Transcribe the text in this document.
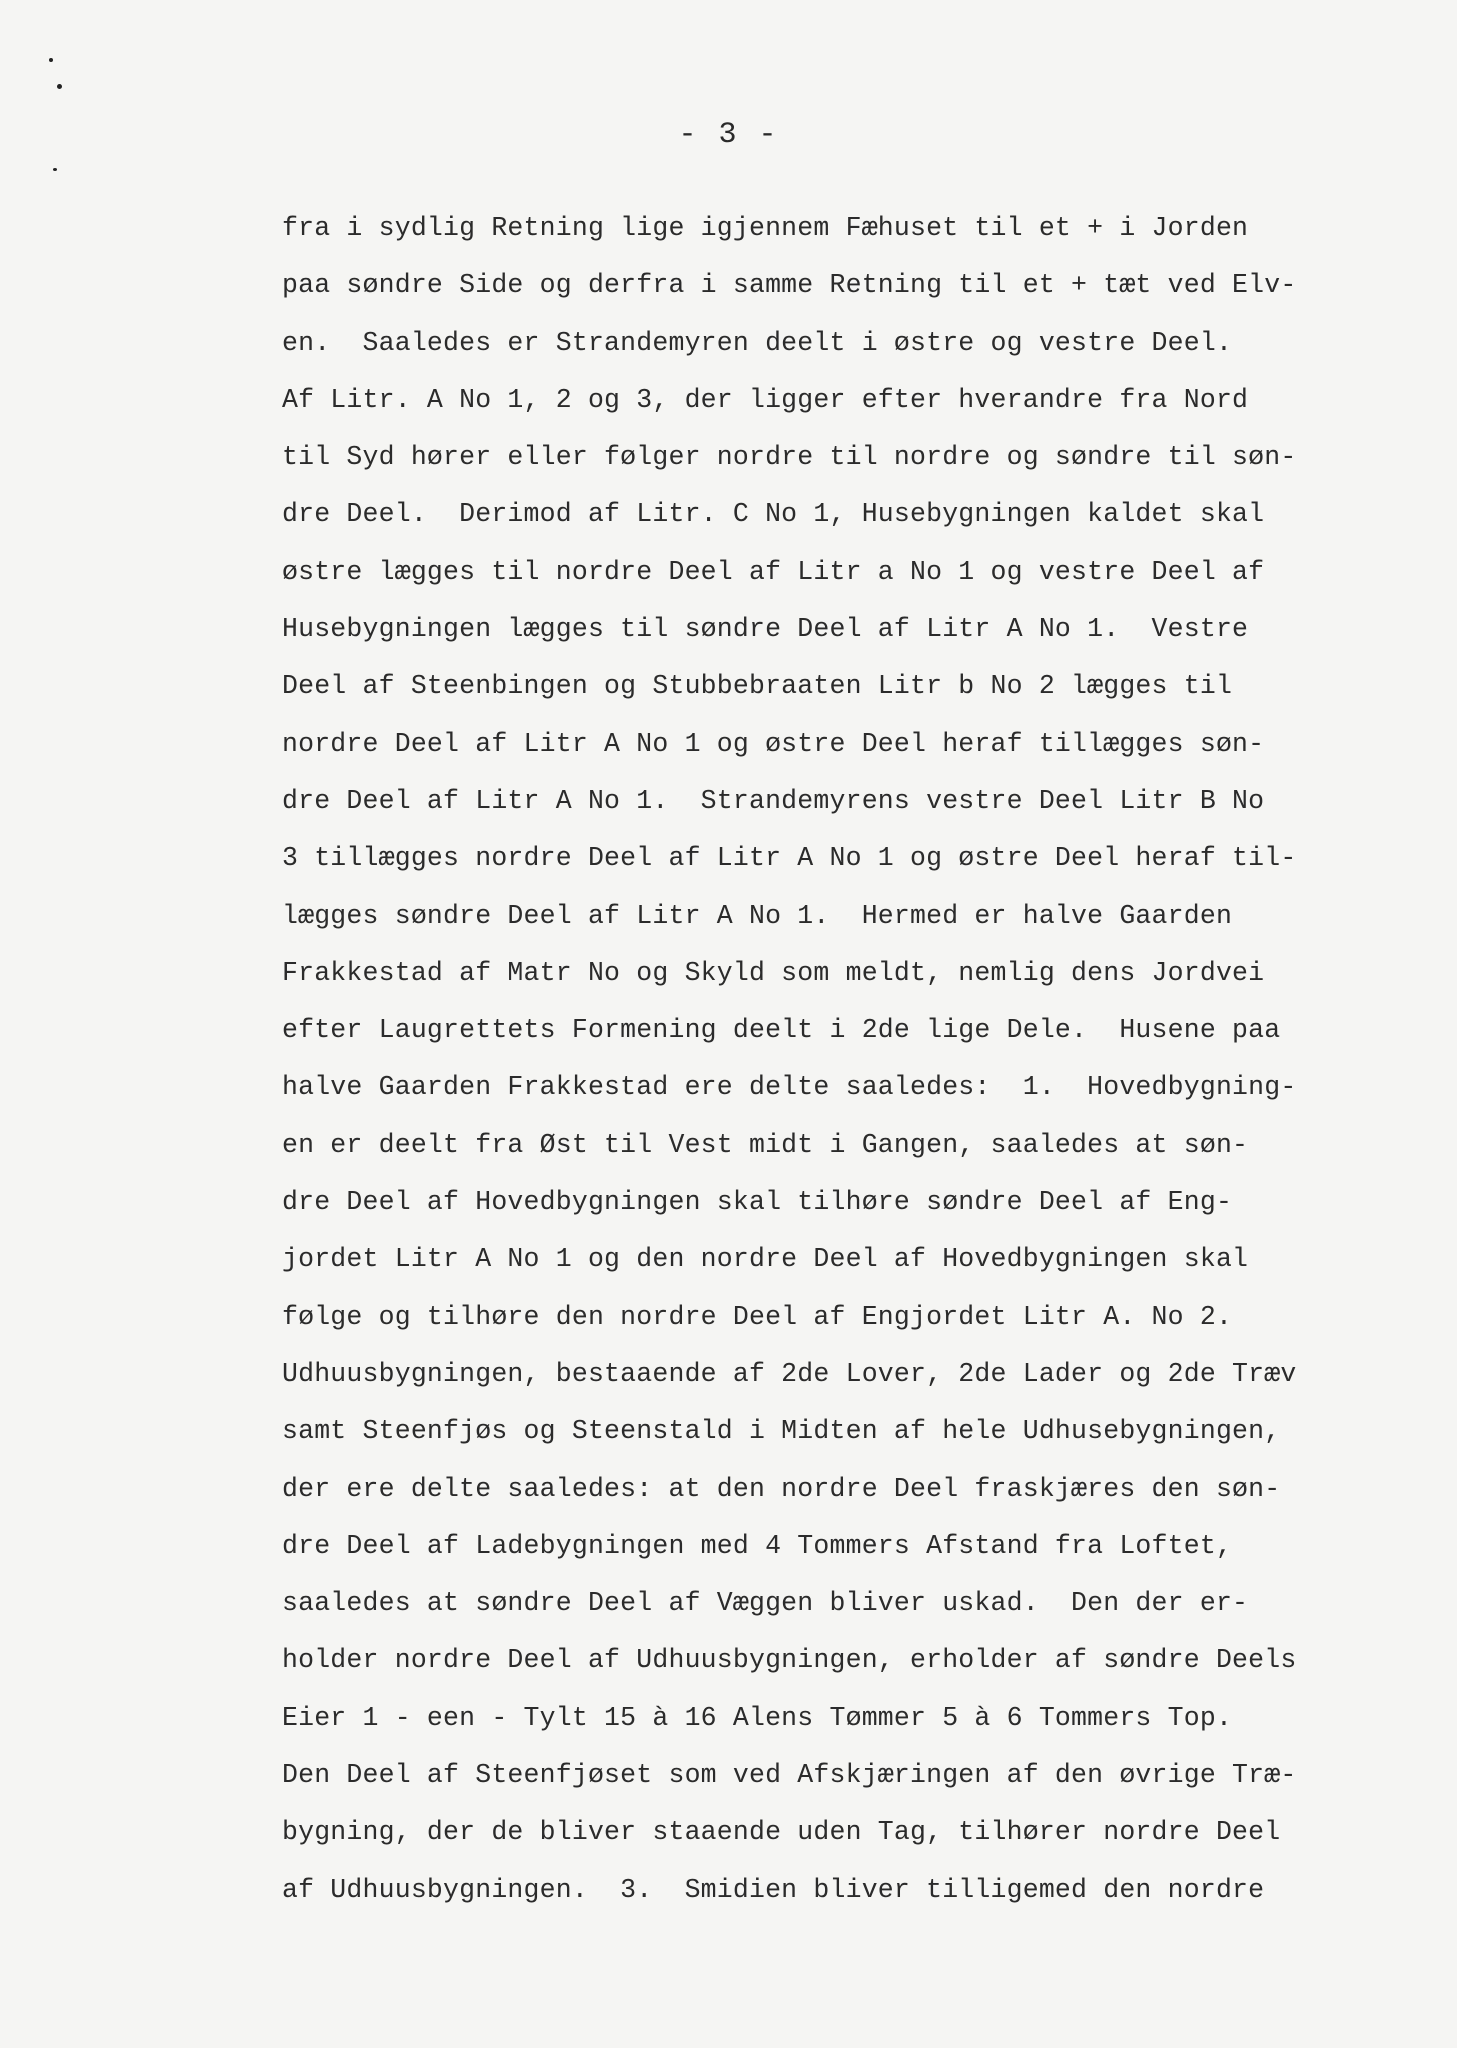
- 3 -
fra i sydlig Retning lige igjennem Fæhuset til et + i Jorden
paa søndre Side og derfra i samme Retning til et + tæt ved Elv-
en.  Saaledes er Strandemyren deelt i østre og vestre Deel.
Af Litr. A No 1, 2 og 3, der ligger efter hverandre fra Nord
til Syd hører eller følger nordre til nordre og søndre til søn-
dre Deel.  Derimod af Litr. C No 1, Husebygningen kaldet skal
østre lægges til nordre Deel af Litr a No 1 og vestre Deel af
Husebygningen lægges til søndre Deel af Litr A No 1.  Vestre
Deel af Steenbingen og Stubbebraaten Litr b No 2 lægges til
nordre Deel af Litr A No 1 og østre Deel heraf tillægges søn-
dre Deel af Litr A No 1.  Strandemyrens vestre Deel Litr B No
3 tillægges nordre Deel af Litr A No 1 og østre Deel heraf til-
lægges søndre Deel af Litr A No 1.  Hermed er halve Gaarden
Frakkestad af Matr No og Skyld som meldt, nemlig dens Jordvei
efter Laugrettets Formening deelt i 2de lige Dele.  Husene paa
halve Gaarden Frakkestad ere delte saaledes:  1.  Hovedbygning-
en er deelt fra Øst til Vest midt i Gangen, saaledes at søn-
dre Deel af Hovedbygningen skal tilhøre søndre Deel af Eng-
jordet Litr A No 1 og den nordre Deel af Hovedbygningen skal
følge og tilhøre den nordre Deel af Engjordet Litr A. No 2.
Udhuusbygningen, bestaaende af 2de Lover, 2de Lader og 2de Træv
samt Steenfjøs og Steenstald i Midten af hele Udhusebygningen,
der ere delte saaledes: at den nordre Deel fraskjæres den søn-
dre Deel af Ladebygningen med 4 Tommers Afstand fra Loftet,
saaledes at søndre Deel af Væggen bliver uskad.  Den der er-
holder nordre Deel af Udhuusbygningen, erholder af søndre Deels
Eier 1 - een - Tylt 15 à 16 Alens Tømmer 5 à 6 Tommers Top.
Den Deel af Steenfjøset som ved Afskjæringen af den øvrige Træ-
bygning, der de bliver staaende uden Tag, tilhører nordre Deel
af Udhuusbygningen.  3.  Smidien bliver tilligemed den nordre
